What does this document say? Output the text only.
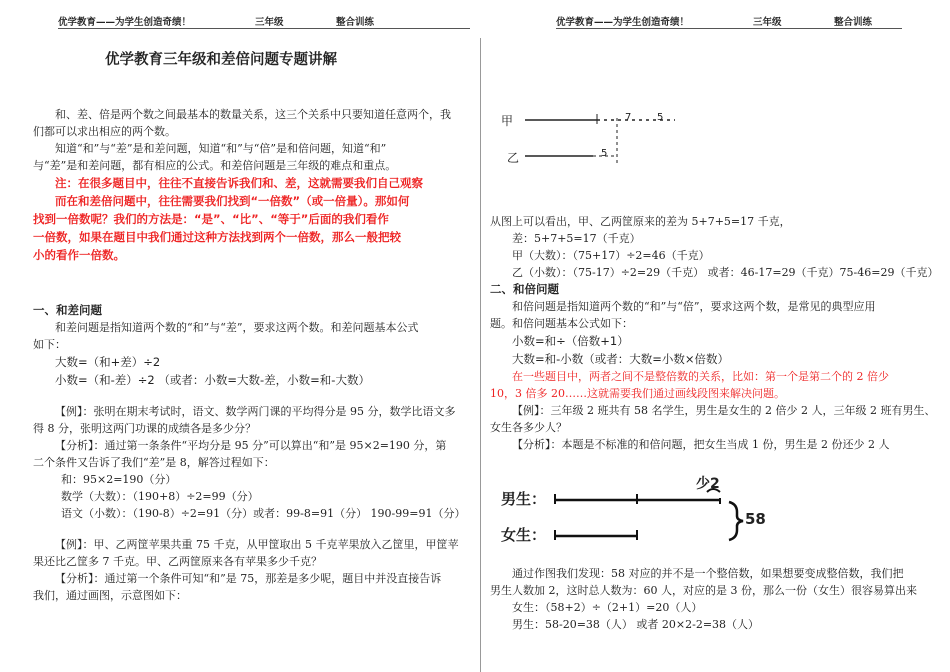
优学教育——为学生创造奇绩！	三年级	整合训练	优学教育——为学生创造奇绩！	三年级	整合训练
优学教育三年级和差倍问题专题讲解

和、差、倍是两个数之间最基本的数量关系，这三个关系中只要知道任意两个，我

们都可以求出相应的两个数。

知道“和”与“差”是和差问题，知道“和”与“倍”是和倍问题，知道“和”

与“差”是和差问题，都有相应的公式。和差倍问题是三年级的难点和重点。

注：在很多题目中，往往不直接告诉我们和、差，这就需要我们自己观察

而在和差倍问题中，往往需要我们找到“一倍数”（或一倍量）。那如何

找到一倍数呢？我们的方法是：“是”、“比”、“等于”后面的我们看作

一倍数，如果在题目中我们通过这种方法找到两个一倍数，那么一般把较

小的看作一倍数。

一、和差问题

和差问题是指知道两个数的“和”与“差”，要求这两个数。和差问题基本公式

如下：

大数=（和+差）÷2

小数=（和-差）÷2 （或者：小数=大数-差，小数=和-大数）

【例】：张明在期末考试时，语文、数学两门课的平均得分是 95 分，数学比语文多

得 8 分，张明这两门功课的成绩各是多少分？

【分析】：通过第一条条件“平均分是 95 分”可以算出“和”是 95×2=190 分，第

二个条件又告诉了我们“差”是 8，解答过程如下：

和：95×2=190（分）

数学（大数）：（190+8）÷2=99（分）

语文（小数）：（190-8）÷2=91（分）或者：99-8=91（分） 190-99=91（分）

【例】：甲、乙两筐苹果共重 75 千克，从甲筐取出 5 千克苹果放入乙筐里，甲筐苹

果还比乙筐多 7 千克。甲、乙两筐原来各有苹果多少千克？

【分析】：通过第一个条件可知“和”是 75，那差是多少呢，题目中并没直接告诉

我们，通过画图，示意图如下：

甲
乙
7	5
5

从图上可以看出，甲、乙两筐原来的差为 5+7+5=17 千克，

差：5+7+5=17（千克）

甲（大数）：（75+17）÷2=46（千克）

乙（小数）：（75-17）÷2=29（千克） 或者：46-17=29（千克）75-46=29（千克）

二、和倍问题

和倍问题是指知道两个数的“和”与“倍”，要求这两个数，是常见的典型应用

题。和倍问题基本公式如下：

小数=和÷（倍数+1）

大数=和-小数（或者：大数=小数×倍数）

在一些题目中，两者之间不是整倍数的关系，比如：第一个是第二个的 2 倍少

10，3 倍多 20……这就需要我们通过画线段图来解决问题。

【例】：三年级 2 班共有 58 名学生，男生是女生的 2 倍少 2 人，三年级 2 班有男生、

女生各多少人？

【分析】：本题是不标准的和倍问题，把女生当成 1 份，男生是 2 份还少 2 人

男生：
女生：
少2
58

通过作图我们发现：58 对应的并不是一个整倍数，如果想要变成整倍数，我们把

男生人数加 2，这时总人数为：60 人，对应的是 3 份，那么一份（女生）很容易算出来

女生：（58+2）÷（2+1）=20（人）

男生：58-20=38（人） 或者 20×2-2=38（人）
